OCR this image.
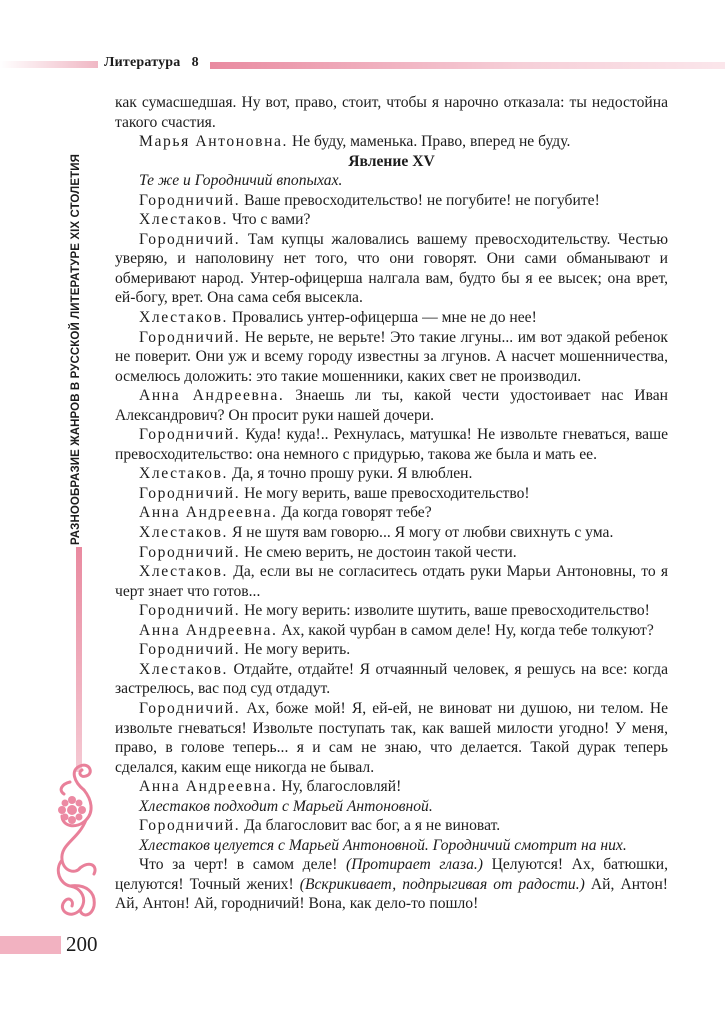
Литература   8
РАЗНООБРАЗИЕ ЖАНРОВ В РУССКОЙ ЛИТЕРАТУРЕ XIX СТОЛЕТИЯ
200

как сумасшедшая. Ну вот, право, стоит, чтобы я нарочно отказала: ты недостойна такого счастия.

Марья Антоновна. Не буду, маменька. Право, вперед не буду.

Явление XV

Те же и Городничий впопыхах.

Городничий. Ваше превосходительство! не погубите! не погубите!

Хлестаков. Что с вами?

Городничий. Там купцы жаловались вашему превосходительству. Честью уверяю, и наполовину нет того, что они говорят. Они сами обманывают и обмеривают народ. Унтер-офицерша налгала вам, будто бы я ее высек; она врет, ей-богу, врет. Она сама себя высекла.

Хлестаков. Провались унтер-офицерша — мне не до нее!

Городничий. Не верьте, не верьте! Это такие лгуны... им вот эдакой ребенок не поверит. Они уж и всему городу известны за лгунов. А насчет мошенничества, осмелюсь доложить: это такие мошенники, каких свет не производил.

Анна Андреевна. Знаешь ли ты, какой чести удостоивает нас Иван Александрович? Он просит руки нашей дочери.

Городничий. Куда! куда!.. Рехнулась, матушка! Не извольте гневаться, ваше превосходительство: она немного с придурью, такова же была и мать ее.

Хлестаков. Да, я точно прошу руки. Я влюблен.

Городничий. Не могу верить, ваше превосходительство!

Анна Андреевна. Да когда говорят тебе?

Хлестаков. Я не шутя вам говорю... Я могу от любви свихнуть с ума.

Городничий. Не смею верить, не достоин такой чести.

Хлестаков. Да, если вы не согласитесь отдать руки Марьи Антоновны, то я черт знает что готов...

Городничий. Не могу верить: изволите шутить, ваше превосходительство!

Анна Андреевна. Ах, какой чурбан в самом деле! Ну, когда тебе толкуют?

Городничий. Не могу верить.

Хлестаков. Отдайте, отдайте! Я отчаянный человек, я решусь на все: когда застрелюсь, вас под суд отдадут.

Городничий. Ах, боже мой! Я, ей-ей, не виноват ни душою, ни телом. Не извольте гневаться! Извольте поступать так, как вашей милости угодно! У меня, право, в голове теперь... я и сам не знаю, что делается. Такой дурак теперь сделался, каким еще никогда не бывал.

Анна Андреевна. Ну, благословляй!

Хлестаков подходит с Марьей Антоновной.

Городничий. Да благословит вас бог, а я не виноват.

Хлестаков целуется с Марьей Антоновной. Городничий смотрит на них.

Что за черт! в самом деле! (Протирает глаза.) Целуются! Ах, батюшки, целуются! Точный жених! (Вскрикивает, подпрыгивая от радости.) Ай, Антон! Ай, Антон! Ай, городничий! Вона, как дело-то пошло!
